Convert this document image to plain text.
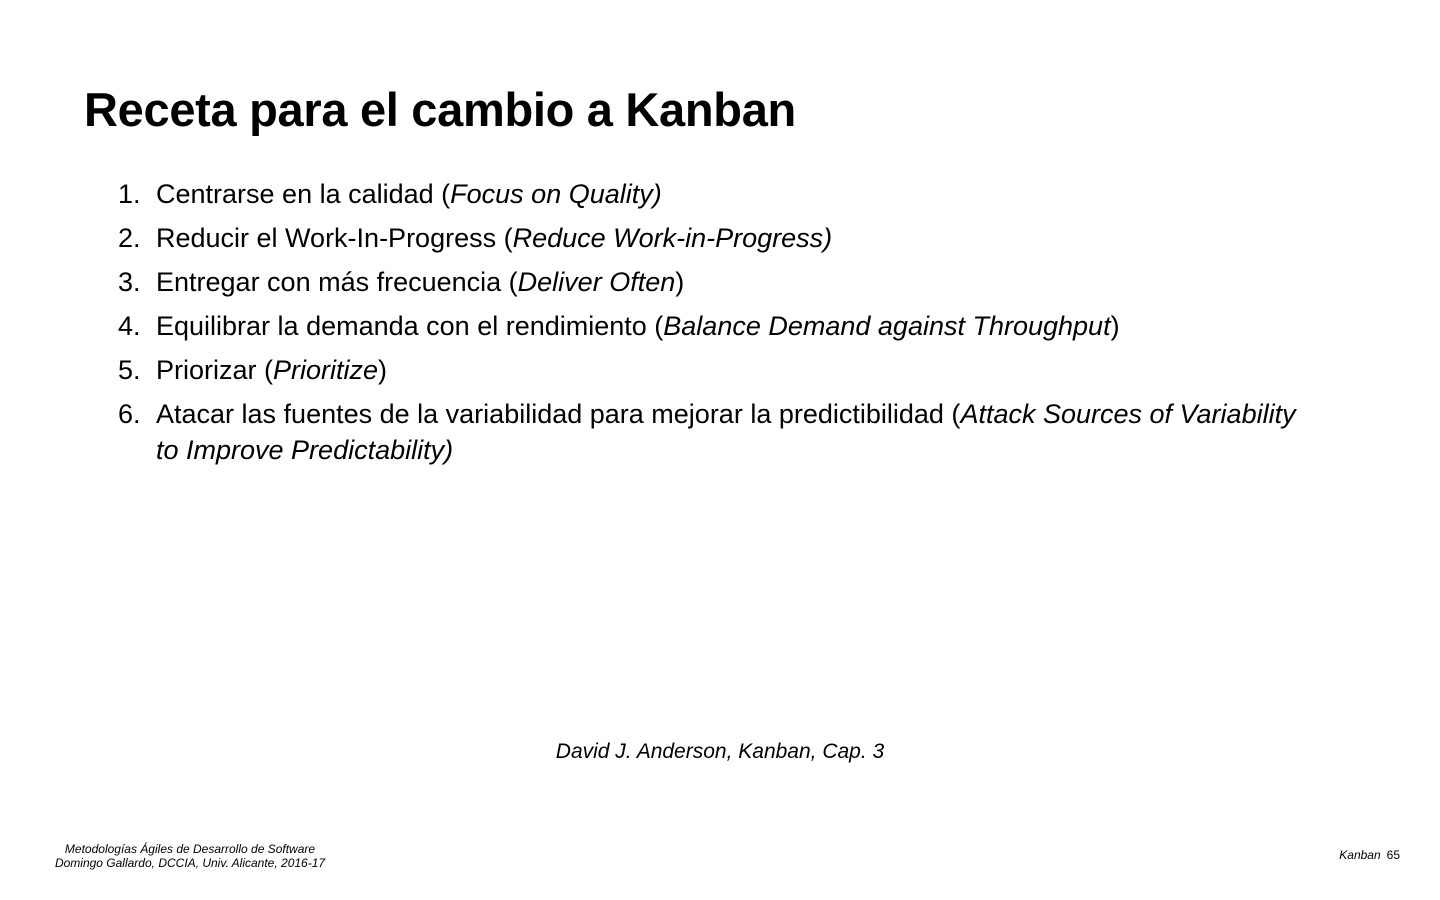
Receta para el cambio a Kanban
1. Centrarse en la calidad (Focus on Quality)
2. Reducir el Work-In-Progress (Reduce Work-in-Progress)
3. Entregar con más frecuencia (Deliver Often)
4. Equilibrar la demanda con el rendimiento (Balance Demand against Throughput)
5. Priorizar (Prioritize)
6. Atacar las fuentes de la variabilidad para mejorar la predictibilidad (Attack Sources of Variability to Improve Predictability)
David J. Anderson, Kanban, Cap. 3
Metodologías Ágiles de Desarrollo de Software
Domingo Gallardo, DCCIA, Univ. Alicante, 2016-17
Kanban 65
